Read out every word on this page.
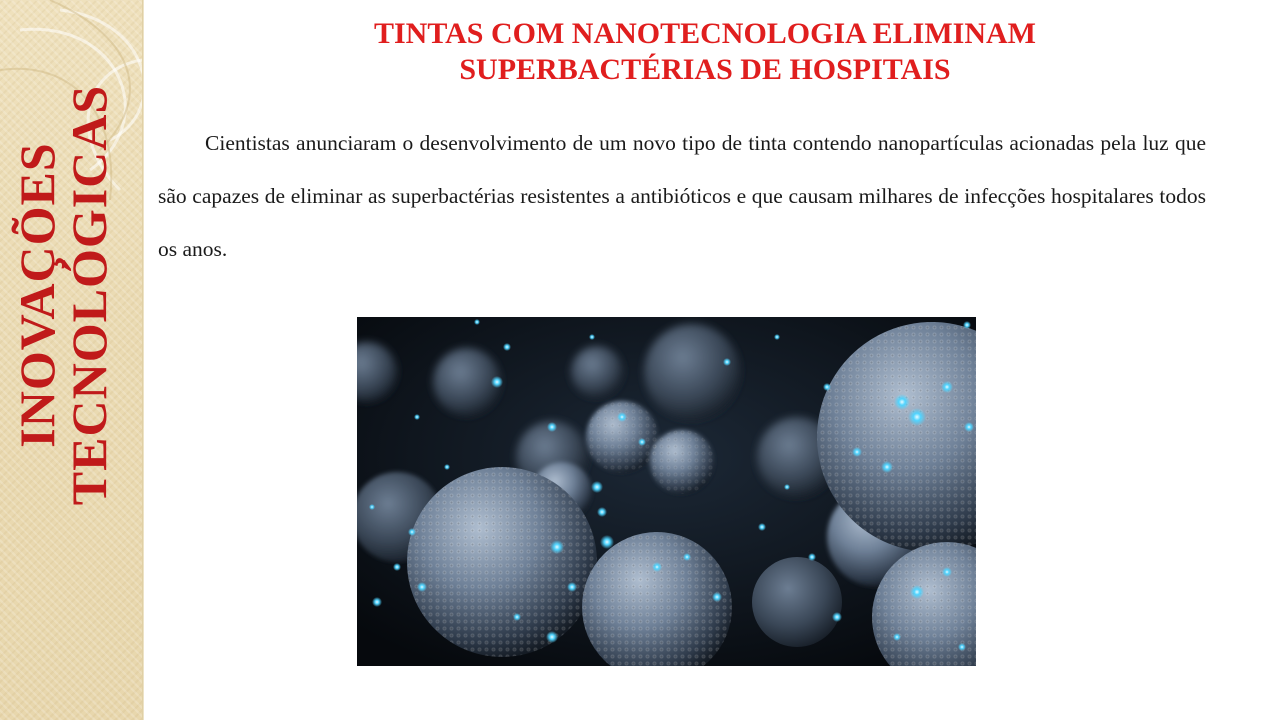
INOVAÇÕES
TECNOLÓGICAS
TINTAS COM NANOTECNOLOGIA ELIMINAM
SUPERBACTÉRIAS DE HOSPITAIS

Cientistas anunciaram o desenvolvimento de um novo tipo de tinta contendo nanopartículas acionadas pela luz que são capazes de eliminar as superbactérias resistentes a antibióticos e que causam milhares de infecções hospitalares todos os anos.
